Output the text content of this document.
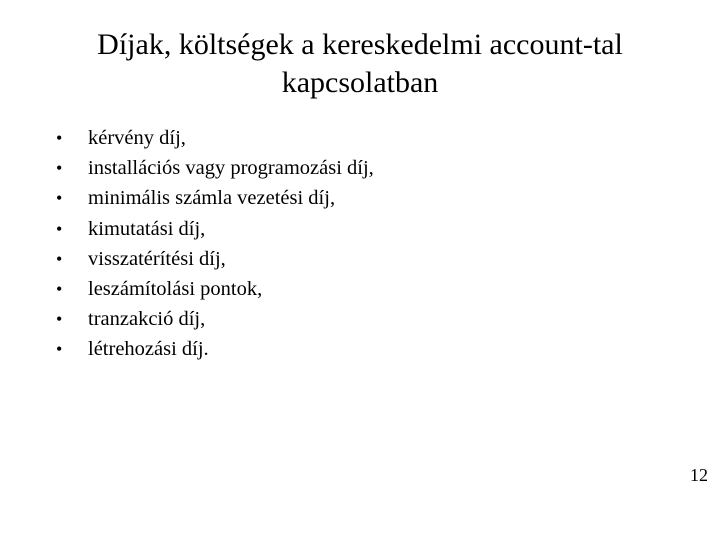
Díjak, költségek a kereskedelmi account-tal
kapcsolatban
• kérvény díj,
• installációs vagy programozási díj,
• minimális számla vezetési díj,
• kimutatási díj,
• visszatérítési díj,
• leszámítolási pontok,
• tranzakció díj,
• létrehozási díj.
12
